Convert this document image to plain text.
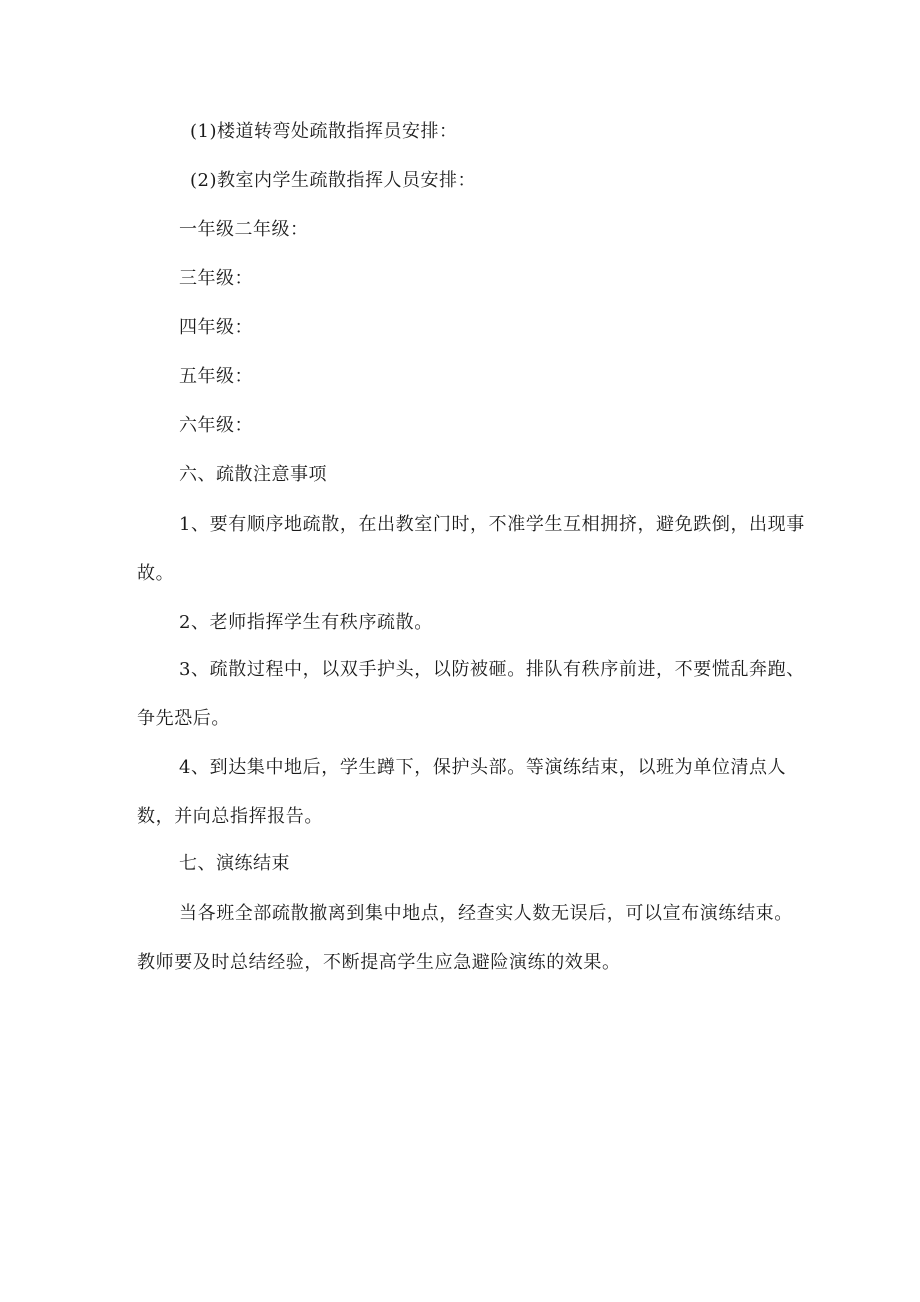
(1)楼道转弯处疏散指挥员安排：
(2)教室内学生疏散指挥人员安排：
一年级二年级：
三年级：
四年级：
五年级：
六年级：
六、疏散注意事项

1、要有顺序地疏散，在出教室门时，不准学生互相拥挤，避免跌倒，出现事故。

2、老师指挥学生有秩序疏散。

3、疏散过程中，以双手护头，以防被砸。排队有秩序前进，不要慌乱奔跑、争先恐后。

4、到达集中地后，学生蹲下，保护头部。等演练结束，以班为单位清点人数，并向总指挥报告。

七、演练结束

当各班全部疏散撤离到集中地点，经查实人数无误后，可以宣布演练结束。教师要及时总结经验，不断提高学生应急避险演练的效果。
